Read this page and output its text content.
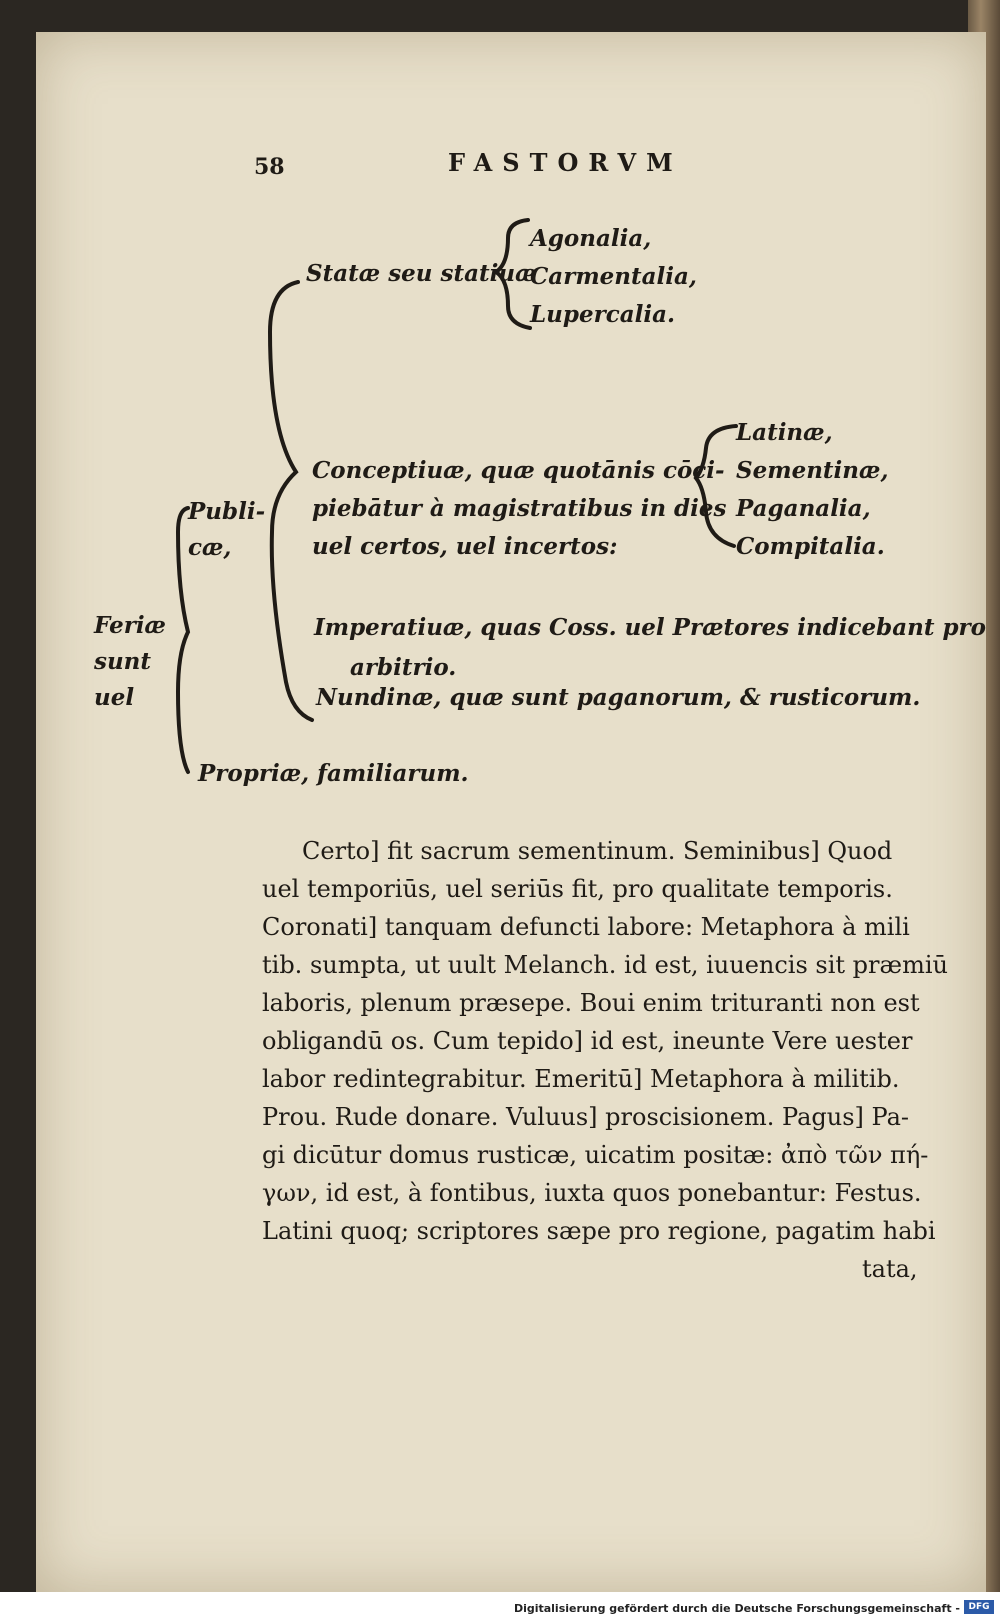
58	FASTORVM
Feriæ
sunt
uel
Publi-
cæ,
Statæ seu statiuæ
Agonalia,
Carmentalia,
Lupercalia.
Conceptiuæ, quæ quotānis cōci-
piebātur à magistratibus in dies
uel certos, uel incertos:
Latinæ,
Sementinæ,
Paganalia,
Compitalia.
Imperatiuæ, quas Coss. uel Prætores indicebant pro
arbitrio.
Nundinæ, quæ sunt paganorum, & rusticorum.
Propriæ, familiarum.
Certo] fit sacrum sementinum. Seminibus] Quod
uel temporiūs, uel seriūs fit, pro qualitate temporis.
Coronati] tanquam defuncti labore: Metaphora à mili
tib. sumpta, ut uult Melanch. id est, iuuencis sit præmiū
laboris, plenum præsepe. Boui enim trituranti non est
obligandū os. Cum tepido] id est, ineunte Vere uester
labor redintegrabitur. Emeritū] Metaphora à militib.
Prou. Rude donare. Vuluus] proscisionem. Pagus] Pa-
gi dicūtur domus rusticæ, uicatim positæ: ἀπὸ τῶν πή-
γων, id est, à fontibus, iuxta quos ponebantur: Festus.
Latini quoq; scriptores sæpe pro regione, pagatim habi
tata,
Digitalisierung gefördert durch die Deutsche Forschungsgemeinschaft - DFG
